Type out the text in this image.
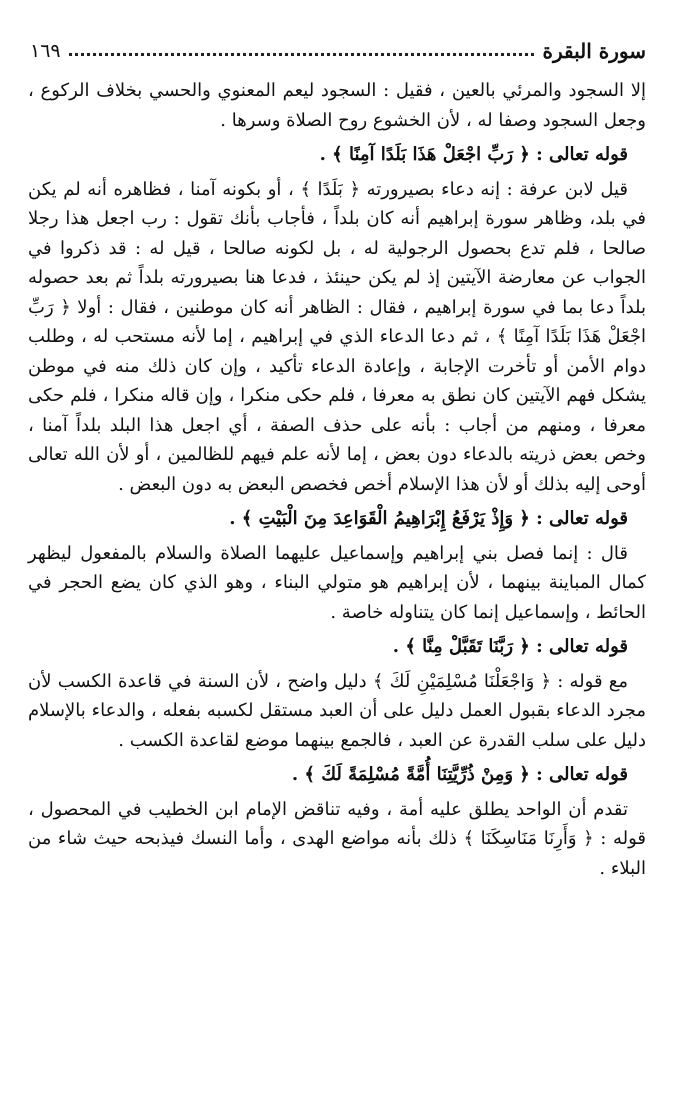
سورة البقرة
١٦٩

إلا السجود والمرئي بالعين ، فقيل : السجود ليعم المعنوي والحسي بخلاف الركوع ، وجعل السجود وصفا له ، لأن الخشوع روح الصلاة وسرها .

قوله تعالى : ﴿ رَبِّ اجْعَلْ هَذَا بَلَدًا آمِنًا ﴾ .

قيل لابن عرفة : إنه دعاء بصيرورته ﴿ بَلَدًا ﴾ ، أو بكونه آمنا ، فظاهره أنه لم يكن في بلد، وظاهر سورة إبراهيم أنه كان بلداً ، فأجاب بأنك تقول : رب اجعل هذا رجلا صالحا ، فلم تدع بحصول الرجولية له ، بل لكونه صالحا ، قيل له : قد ذكروا في الجواب عن معارضة الآيتين إذ لم يكن حينئذ ، فدعا هنا بصيرورته بلداً ثم بعد حصوله بلداً دعا بما في سورة إبراهيم ، فقال : الظاهر أنه كان موطنين ، فقال : أولا ﴿ رَبِّ اجْعَلْ هَذَا بَلَدًا آمِنًا ﴾ ، ثم دعا الدعاء الذي في إبراهيم ، إما لأنه مستحب له ، وطلب دوام الأمن أو تأخرت الإجابة ، وإعادة الدعاء تأكيد ، وإن كان ذلك منه في موطن يشكل فهم الآيتين كان نطق به معرفا ، فلم حكى منكرا ، وإن قاله منكرا ، فلم حكى معرفا ، ومنهم من أجاب : بأنه على حذف الصفة ، أي اجعل هذا البلد بلداً آمنا ، وخص بعض ذريته بالدعاء دون بعض ، إما لأنه علم فيهم للظالمين ، أو لأن الله تعالى أوحى إليه بذلك أو لأن هذا الإسلام أخص فخصص البعض به دون البعض .

قوله تعالى : ﴿ وَإِذْ يَرْفَعُ إِبْرَاهِيمُ الْقَوَاعِدَ مِنَ الْبَيْتِ ﴾ .

قال : إنما فصل بني إبراهيم وإسماعيل عليهما الصلاة والسلام بالمفعول ليظهر كمال المباينة بينهما ، لأن إبراهيم هو متولي البناء ، وهو الذي كان يضع الحجر في الحائط ، وإسماعيل إنما كان يتناوله خاصة .

قوله تعالى : ﴿ رَبَّنَا تَقَبَّلْ مِنَّا ﴾ .

مع قوله : ﴿ وَاجْعَلْنَا مُسْلِمَيْنِ لَكَ ﴾ دليل واضح ، لأن السنة في قاعدة الكسب لأن مجرد الدعاء بقبول العمل دليل على أن العبد مستقل لكسبه بفعله ، والدعاء بالإسلام دليل على سلب القدرة عن العبد ، فالجمع بينهما موضع لقاعدة الكسب .

قوله تعالى : ﴿ وَمِنْ ذُرِّيَّتِنَا أُمَّةً مُسْلِمَةً لَكَ ﴾ .

تقدم أن الواحد يطلق عليه أمة ، وفيه تناقض الإمام ابن الخطيب في المحصول ، قوله : ﴿ وَأَرِنَا مَنَاسِكَنَا ﴾ ذلك بأنه مواضع الهدى ، وأما النسك فيذبحه حيث شاء من البلاء .
